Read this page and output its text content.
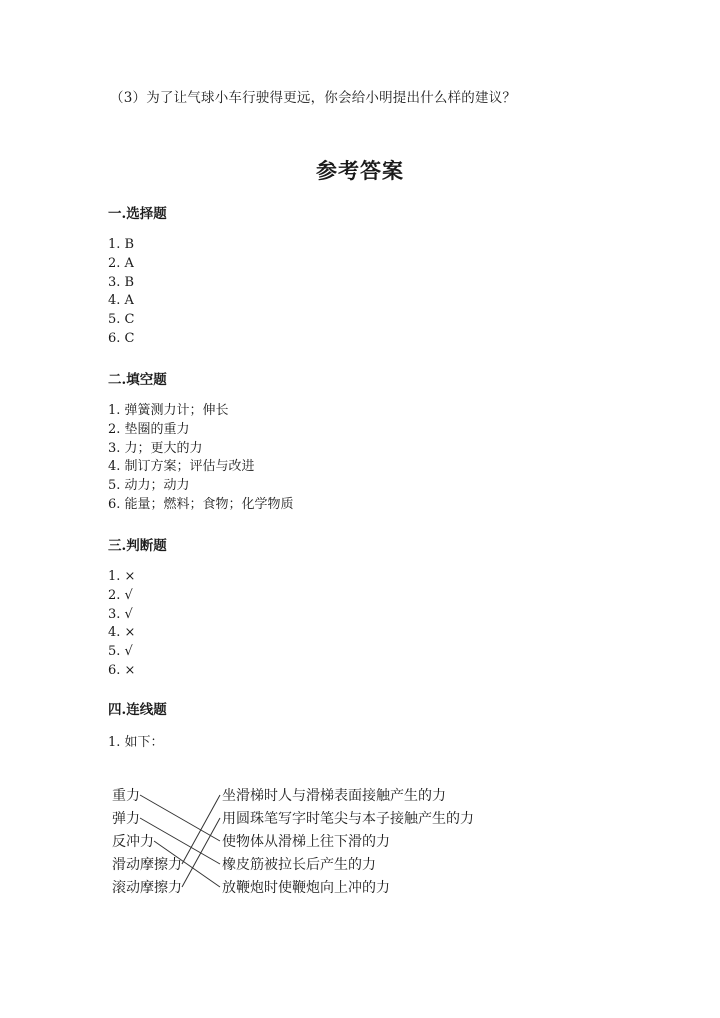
（3）为了让气球小车行驶得更远，你会给小明提出什么样的建议？
参考答案
一.选择题
1. B
2. A
3. B
4. A
5. C
6. C
二.填空题
1. 弹簧测力计；伸长
2. 垫圈的重力
3. 力；更大的力
4. 制订方案；评估与改进
5. 动力；动力
6. 能量；燃料；食物；化学物质
三.判断题
1. ×
2. √
3. √
4. ×
5. √
6. ×
四.连线题
1. 如下：
重力
弹力
反冲力
滑动摩擦力
滚动摩擦力
坐滑梯时人与滑梯表面接触产生的力
用圆珠笔写字时笔尖与本子接触产生的力
使物体从滑梯上往下滑的力
橡皮筋被拉长后产生的力
放鞭炮时使鞭炮向上冲的力
